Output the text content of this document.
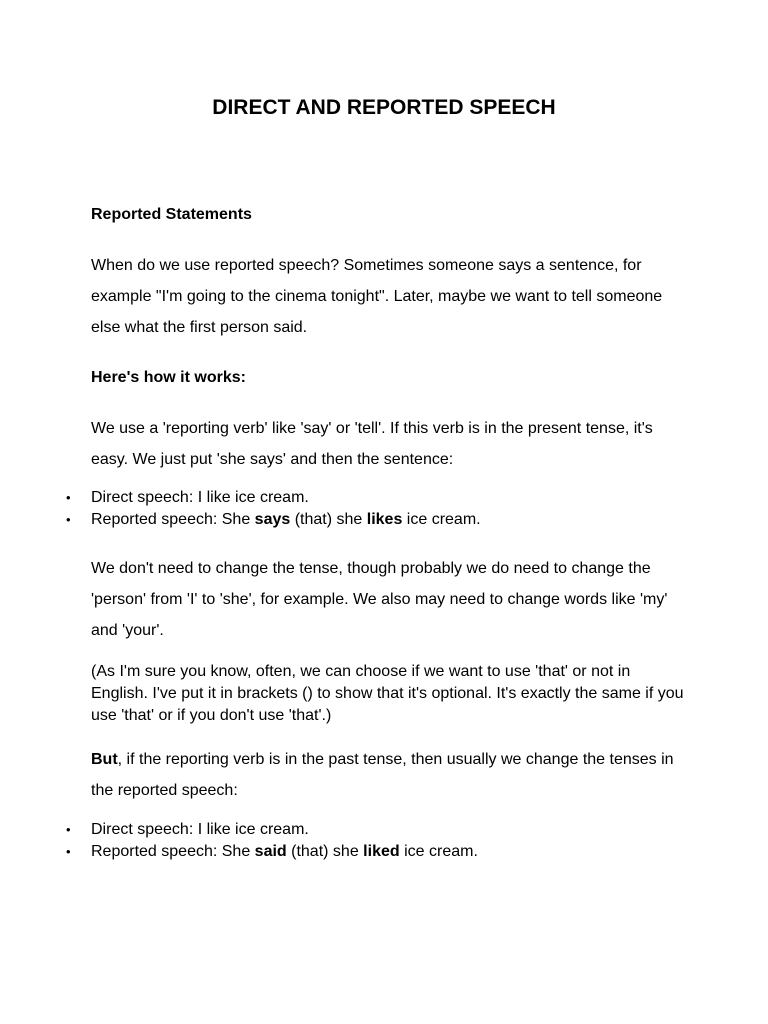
DIRECT AND REPORTED SPEECH

Reported Statements

When do we use reported speech? Sometimes someone says a sentence, for example "I'm going to the cinema tonight". Later, maybe we want to tell someone else what the first person said.

Here's how it works:

We use a 'reporting verb' like 'say' or 'tell'. If this verb is in the present tense, it's easy. We just put 'she says' and then the sentence:

• Direct speech: I like ice cream.
• Reported speech: She says (that) she likes ice cream.

We don't need to change the tense, though probably we do need to change the 'person' from 'I' to 'she', for example. We also may need to change words like 'my' and 'your'.

(As I'm sure you know, often, we can choose if we want to use 'that' or not in English. I've put it in brackets () to show that it's optional. It's exactly the same if you use 'that' or if you don't use 'that'.)

But, if the reporting verb is in the past tense, then usually we change the tenses in the reported speech:

• Direct speech: I like ice cream.
• Reported speech: She said (that) she liked ice cream.
